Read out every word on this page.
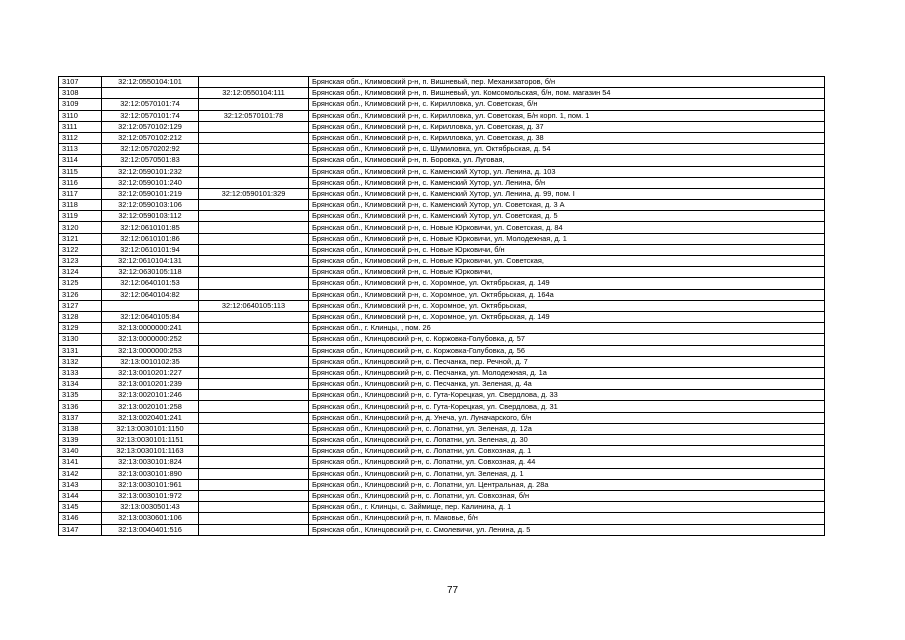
3107	32:12:0550104:101		Брянская обл., Климовский р-н, п. Вишневый, пер. Механизаторов, б/н
3108		32:12:0550104:111	Брянская обл., Климовский р-н, п. Вишневый, ул. Комсомольская, б/н, пом. магазин 54
3109	32:12:0570101:74		Брянская обл., Климовский р-н, с. Кирилловка, ул. Советская, б/н
3110	32:12:0570101:74	32:12:0570101:78	Брянская обл., Климовский р-н, с. Кирилловка, ул. Советская, Б/н корп. 1, пом. 1
3111	32:12:0570102:129		Брянская обл., Климовский р-н, с. Кирилловка, ул. Советская, д. 37
3112	32:12:0570102:212		Брянская обл., Климовский р-н, с. Кирилловка, ул. Советская, д. 38
3113	32:12:0570202:92		Брянская обл., Климовский р-н, с. Шумиловка, ул. Октябрьская, д. 54
3114	32:12:0570501:83		Брянская обл., Климовский р-н, п. Боровка, ул. Луговая,
3115	32:12:0590101:232		Брянская обл., Климовский р-н, с. Каменский Хутор, ул. Ленина, д. 103
3116	32:12:0590101:240		Брянская обл., Климовский р-н, с. Каменский Хутор, ул. Ленина, б/н
3117	32:12:0590101:219	32:12:0590101:329	Брянская обл., Климовский р-н, с. Каменский Хутор, ул. Ленина, д. 99, пом. I
3118	32:12:0590103:106		Брянская обл., Климовский р-н, с. Каменский Хутор, ул. Советская, д. 3 А
3119	32:12:0590103:112		Брянская обл., Климовский р-н, с. Каменский Хутор, ул. Советская, д. 5
3120	32:12:0610101:85		Брянская обл., Климовский р-н, с. Новые Юрковичи, ул. Советская, д. 84
3121	32:12:0610101:86		Брянская обл., Климовский р-н, с. Новые Юрковичи, ул. Молодежная, д. 1
3122	32:12:0610101:94		Брянская обл., Климовский р-н, с. Новые Юрковичи, б/н
3123	32:12:0610104:131		Брянская обл., Климовский р-н, с. Новые Юрковичи, ул. Советская,
3124	32:12:0630105:118		Брянская обл., Климовский р-н, с. Новые Юрковичи,
3125	32:12:0640101:53		Брянская обл., Климовский р-н, с. Хоромное, ул. Октябрьская, д. 149
3126	32:12:0640104:82		Брянская обл., Климовский р-н, с. Хоромное, ул. Октябрьская, д. 164а
3127		32:12:0640105:113	Брянская обл., Климовский р-н, с. Хоромное, ул. Октябрьская,
3128	32:12:0640105:84		Брянская обл., Климовский р-н, с. Хоромное, ул. Октябрьская, д. 149
3129	32:13:0000000:241		Брянская обл., г. Клинцы, , пом. 26
3130	32:13:0000000:252		Брянская обл., Клинцовский р-н, с. Коржовка-Голубовка, д. 57
3131	32:13:0000000:253		Брянская обл., Клинцовский р-н, с. Коржовка-Голубовка, д. 56
3132	32:13:0010102:35		Брянская обл., Клинцовский р-н, с. Песчанка, пер. Речной, д. 7
3133	32:13:0010201:227		Брянская обл., Клинцовский р-н, с. Песчанка, ул. Молодежная, д. 1а
3134	32:13:0010201:239		Брянская обл., Клинцовский р-н, с. Песчанка, ул. Зеленая, д. 4а
3135	32:13:0020101:246		Брянская обл., Клинцовский р-н, с. Гута-Корецкая, ул. Свердлова, д. 33
3136	32:13:0020101:258		Брянская обл., Клинцовский р-н, с. Гута-Корецкая, ул. Свердлова, д. 31
3137	32:13:0020401:241		Брянская обл., Клинцовский р-н, д. Унеча, ул. Луначарского, б/н
3138	32:13:0030101:1150		Брянская обл., Клинцовский р-н, с. Лопатни, ул. Зеленая, д. 12а
3139	32:13:0030101:1151		Брянская обл., Клинцовский р-н, с. Лопатни, ул. Зеленая, д. 30
3140	32:13:0030101:1163		Брянская обл., Клинцовский р-н, с. Лопатни, ул. Совхозная, д. 1
3141	32:13:0030101:824		Брянская обл., Клинцовский р-н, с. Лопатни, ул. Совхозная, д. 44
3142	32:13:0030101:890		Брянская обл., Клинцовский р-н, с. Лопатни, ул. Зеленая, д. 1
3143	32:13:0030101:961		Брянская обл., Клинцовский р-н, с. Лопатни, ул. Центральная, д. 28а
3144	32:13:0030101:972		Брянская обл., Клинцовский р-н, с. Лопатни, ул. Совхозная, б/н
3145	32:13:0030501:43		Брянская обл., г. Клинцы, с. Займище, пер. Калинина, д. 1
3146	32:13:0030601:106		Брянская обл., Клинцовский р-н, п. Маковье, б/н
3147	32:13:0040401:516		Брянская обл., Клинцовский р-н, с. Смолевичи, ул. Ленина, д. 5
77
